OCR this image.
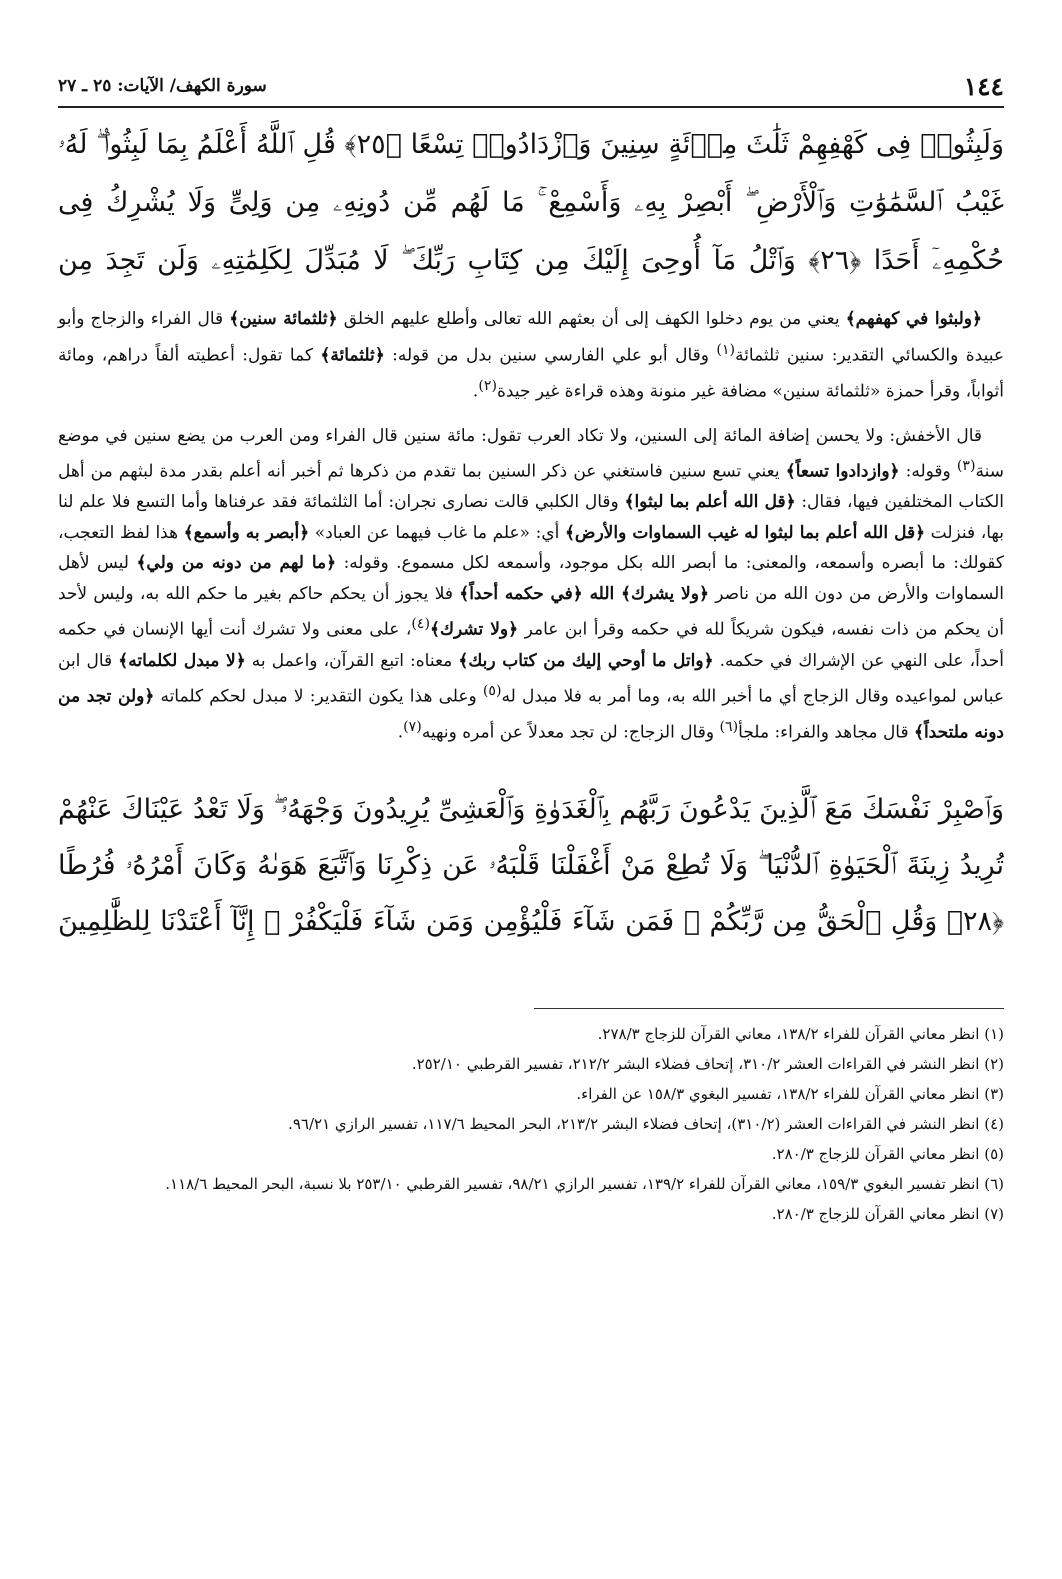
١٤٤
سورة الكهف/ الآيات: ٢٥ ـ ٢٧
وَلَبِثُوا۟ فِى كَهْفِهِمْ ثَلَٰثَ مِا۟ئَةٍ سِنِينَ وَٱزْدَادُوا۟ تِسْعًا ﴿٢٥﴾ قُلِ ٱللَّهُ أَعْلَمُ بِمَا لَبِثُوا۟ ۖ لَهُۥ غَيْبُ ٱلسَّمَٰوَٰتِ وَٱلْأَرْضِ ۖ أَبْصِرْ بِهِۦ وَأَسْمِعْ ۚ مَا لَهُم مِّن دُونِهِۦ مِن وَلِىٍّ وَلَا يُشْرِكُ فِى حُكْمِهِۦٓ أَحَدًا ﴿٢٦﴾ وَٱتْلُ مَآ أُوحِىَ إِلَيْكَ مِن كِتَابِ رَبِّكَ ۖ لَا مُبَدِّلَ لِكَلِمَٰتِهِۦ وَلَن تَجِدَ مِن

﴿ولبثوا في كهفهم﴾ يعني من يوم دخلوا الكهف إلى أن بعثهم الله تعالى وأطلع عليهم الخلق ﴿ثلثمائة سنين﴾ قال الفراء والزجاج وأبو عبيدة والكسائي التقدير: سنين ثلثمائة$^{(١)}$ وقال أبو علي الفارسي سنين بدل من قوله: ﴿ثلثمائة﴾ كما تقول: أعطيته ألفاً دراهم، ومائة أثواباً، وقرأ حمزة «ثلثمائة سنين» مضافة غير منونة وهذه قراءة غير جيدة$^{(٢)}$.

قال الأخفش: ولا يحسن إضافة المائة إلى السنين، ولا تكاد العرب تقول: مائة سنين قال الفراء ومن العرب من يضع سنين في موضع سنة$^{(٣)}$ وقوله: ﴿وازدادوا تسعاً﴾ يعني تسع سنين فاستغني عن ذكر السنين بما تقدم من ذكرها ثم أخبر أنه أعلم بقدر مدة لبثهم من أهل الكتاب المختلفين فيها، فقال: ﴿قل الله أعلم بما لبثوا﴾ وقال الكلبي قالت نصارى نجران: أما الثلثمائة فقد عرفناها وأما التسع فلا علم لنا بها، فنزلت ﴿قل الله أعلم بما لبثوا له غيب السماوات والأرض﴾ أي: «علم ما غاب فيهما عن العباد» ﴿أبصر به وأسمع﴾ هذا لفظ التعجب، كقولك: ما أبصره وأسمعه، والمعنى: ما أبصر الله بكل موجود، وأسمعه لكل مسموع. وقوله: ﴿ما لهم من دونه من ولي﴾ ليس لأهل السماوات والأرض من دون الله من ناصر ﴿ولا يشرك﴾ الله ﴿في حكمه أحداً﴾ فلا يجوز أن يحكم حاكم بغير ما حكم الله به، وليس لأحد أن يحكم من ذات نفسه، فيكون شريكاً لله في حكمه وقرأ ابن عامر ﴿ولا تشرك﴾$^{(٤)}$، على معنى ولا تشرك أنت أيها الإنسان في حكمه أحداً، على النهي عن الإشراك في حكمه. ﴿واتل ما أوحي إليك من كتاب ربك﴾ معناه: اتبع القرآن، واعمل به ﴿لا مبدل لكلماته﴾ قال ابن عباس لمواعيده وقال الزجاج أي ما أخبر الله به، وما أمر به فلا مبدل له$^{(٥)}$ وعلى هذا يكون التقدير: لا مبدل لحكم كلماته ﴿ولن تجد من دونه ملتحداً﴾ قال مجاهد والفراء: ملجأ$^{(٦)}$ وقال الزجاج: لن تجد معدلاً عن أمره ونهيه$^{(٧)}$.

وَٱصْبِرْ نَفْسَكَ مَعَ ٱلَّذِينَ يَدْعُونَ رَبَّهُم بِٱلْغَدَوٰةِ وَٱلْعَشِىِّ يُرِيدُونَ وَجْهَهُۥ ۖ وَلَا تَعْدُ عَيْنَاكَ عَنْهُمْ تُرِيدُ زِينَةَ ٱلْحَيَوٰةِ ٱلدُّنْيَا ۖ وَلَا تُطِعْ مَنْ أَغْفَلْنَا قَلْبَهُۥ عَن ذِكْرِنَا وَٱتَّبَعَ هَوَىٰهُ وَكَانَ أَمْرُهُۥ فُرُطًا ﴿٢٨﴾ وَقُلِ ٱلْحَقُّ مِن رَّبِّكُمْ ۖ فَمَن شَآءَ فَلْيُؤْمِن وَمَن شَآءَ فَلْيَكْفُرْ ۚ إِنَّآ أَعْتَدْنَا لِلظَّٰلِمِينَ

(١) انظر معاني القرآن للفراء ١٣٨/٢، معاني القرآن للزجاج ٢٧٨/٣.

(٢) انظر النشر في القراءات العشر ٣١٠/٢، إتحاف فضلاء البشر ٢١٢/٢، تفسير القرطبي ٢٥٢/١٠.

(٣) انظر معاني القرآن للفراء ١٣٨/٢، تفسير البغوي ١٥٨/٣ عن الفراء.

(٤) انظر النشر في القراءات العشر (٣١٠/٢)، إتحاف فضلاء البشر ٢١٣/٢، البحر المحيط ١١٧/٦، تفسير الرازي ٩٦/٢١.

(٥) انظر معاني القرآن للزجاج ٢٨٠/٣.

(٦) انظر تفسير البغوي ١٥٩/٣، معاني القرآن للفراء ١٣٩/٢، تفسير الرازي ٩٨/٢١، تفسير القرطبي ٢٥٣/١٠ بلا نسبة، البحر المحيط ١١٨/٦.

(٧) انظر معاني القرآن للزجاج ٢٨٠/٣.
